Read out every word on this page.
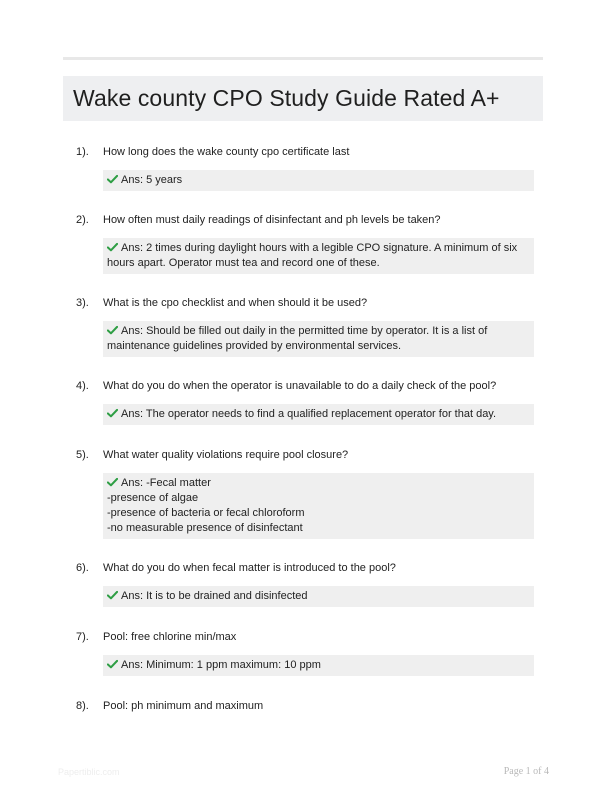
Wake county CPO Study Guide Rated A+
1). How long does the wake county cpo certificate last
Ans: 5 years
2). How often must daily readings of disinfectant and ph levels be taken?
Ans: 2 times during daylight hours with a legible CPO signature. A minimum of six
hours apart. Operator must tea and record one of these.
3). What is the cpo checklist and when should it be used?
Ans: Should be filled out daily in the permitted time by operator. It is a list of
maintenance guidelines provided by environmental services.
4). What do you do when the operator is unavailable to do a daily check of the pool?
Ans: The operator needs to find a qualified replacement operator for that day.
5). What water quality violations require pool closure?
Ans: -Fecal matter
-presence of algae
-presence of bacteria or fecal chloroform
-no measurable presence of disinfectant
6). What do you do when fecal matter is introduced to the pool?
Ans: It is to be drained and disinfected
7). Pool: free chlorine min/max
Ans: Minimum: 1 ppm maximum: 10 ppm
8). Pool: ph minimum and maximum
Papertiblic.com	Page 1 of 4
